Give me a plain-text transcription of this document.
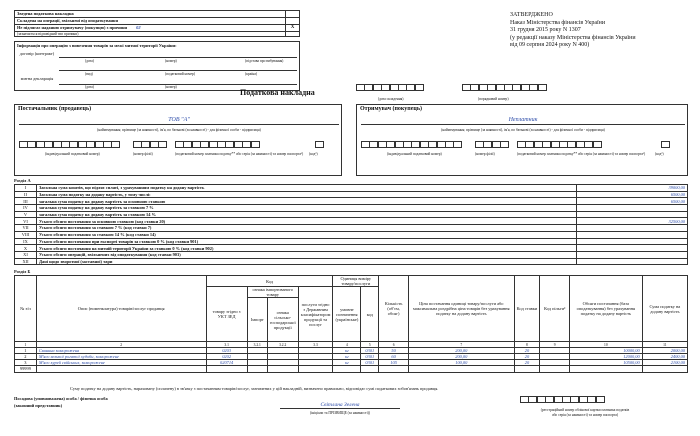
Зведена податкова накладна	
Складена на операції, звільнені від оподаткування	
Не підлягає наданню отримувачу (покупцю) з причини 02	X
(зазначається відповідний тип причини)	
Інформація про операцію з вивезення товарів за межі митної території України:
договір (контракт)
(дата)	(номер)	(підстава про вибування)
(вид)	(податковий номер)	(країна)
митна декларація
(дата)	(номер)
ЗАТВЕРДЖЕНО
Наказ Міністерства фінансів України
31 грудня 2015 року N 1307
(у редакції наказу Міністерства фінансів України
від 09 серпня 2024 року N 400)
Податкова накладна
(дата складення)	(порядковий номер)
Постачальник (продавець)
ТОВ "А"
(найменування; прізвище (за наявності), ім'я, по батькові (за наявності) - для фізичної особи - підприємця)
(індивідуальний податковий номер)	(номер філії)	(податковий номер платника податку** або серія (за наявності) та номер паспорта³)	(код³)
Отримувач (покупець)
Неплатник
(найменування; прізвище (за наявності), ім'я, по батькові (за наявності) - для фізичної особи - підприємця)
(індивідуальний податковий номер)	(номер філії)	(податковий номер платника податку** або серія (за наявності) та номер паспорта³)	(код³)
Розділ А
I	Загальна сума коштів, що підляє сплаті, з урахуванням податку на додану вартість	39000,00
II	Загальна сума податку на додану вартість, у тому числі:	6500,00
III	загальна сума податку на додану вартість за основною ставкою	6500,00
IV	загальна сума податку на додану вартість за ставкою 7 %	
V	загальна сума податку на додану вартість за ставкою 14 %	
VI	Усього обсяги постачання за основною ставкою (код ставки 20)	32500,00
VII	Усього обсяги постачання за ставкою 7 % (код ставки 7)	
VIII	Усього обсяги постачання за ставкою 14 % (код ставки 14)	
IX	Усього обсяги постачання при експорті товарів за ставкою 0 % (код ставки 901)	
X	Усього обсяги постачання на митній території України за ставкою 0 % (код ставки 902)	
XI	Усього обсяги операцій, звільнених від оподаткування (код ставки 903)	
XII	Дані щодо зворотної (заставної) тари	
Розділ Б
№ з/п	Опис (номенклатура) товарів/послуг продавця	Код				Одиниця виміру товару/послуги		Кількість (об'єм, обсяг)	Ціна постачання одиниці товару/послуги або максимальна роздрібна ціна товарів без урахування податку на додану вартість	Код ставки	Код пільги³	Обсяги постачання (база оподаткування) без урахування податку на додану вартість	Сума податку на додану вартість
		товару згідно з УКТ ЗЕД	ознака імпортованого товару		послуги згідно з Державним класифікатором продукції та послуг	умовне позначення (українське)	код						
			Імпорт	ознака сільсько-господарської продукції									
1	2	3.1	3.2.1	3.2.2	3.3	4	5	6	7	8	9	10	11
1	Свинина заморожена	0203				кг	0301	50	200,00	20		10000,00	2000,00
2	М'ясо великої рогатої худоби, заморожене	0202				кг	0301	60	200,00	20		12000,00	2400,00
3	М'ясо курей свійських, заморожене	020714				кг	0301	105	100,00	20		10500,00	2100,00
99999													
Суму податку на додану вартість, нараховану (сплачену) в зв'язку з постачанням товарів/послуг, зазначених у цій накладній, визначено правильно, відповідає сумі податкових зобов'язань продавця.
Посадова (уповноважена) особа / фізична особа
(законний представник)	Світлана Зелена
(ініціали та ПРІЗВИЩЕ (за наявності))
(реєстраційний номер облікової картки платника податків
або серія (за наявності) та номер паспорта)
